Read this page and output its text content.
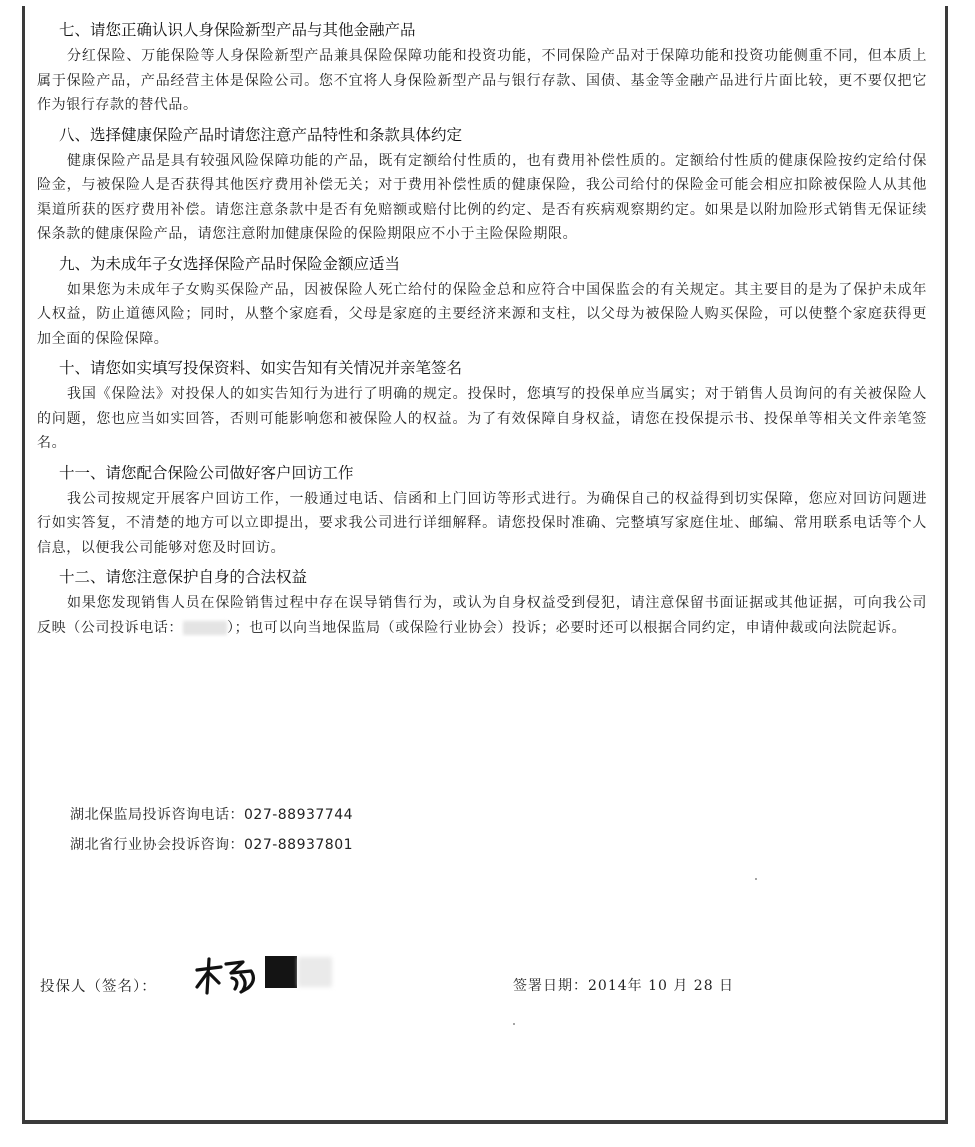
七、请您正确认识人身保险新型产品与其他金融产品

分红保险、万能保险等人身保险新型产品兼具保险保障功能和投资功能，不同保险产品对于保障功能和投资功能侧重不同，但本质上属于保险产品，产品经营主体是保险公司。您不宜将人身保险新型产品与银行存款、国债、基金等金融产品进行片面比较，更不要仅把它作为银行存款的替代品。

八、选择健康保险产品时请您注意产品特性和条款具体约定

健康保险产品是具有较强风险保障功能的产品，既有定额给付性质的，也有费用补偿性质的。定额给付性质的健康保险按约定给付保险金，与被保险人是否获得其他医疗费用补偿无关；对于费用补偿性质的健康保险，我公司给付的保险金可能会相应扣除被保险人从其他渠道所获的医疗费用补偿。请您注意条款中是否有免赔额或赔付比例的约定、是否有疾病观察期约定。如果是以附加险形式销售无保证续保条款的健康保险产品，请您注意附加健康保险的保险期限应不小于主险保险期限。

九、为未成年子女选择保险产品时保险金额应适当

如果您为未成年子女购买保险产品，因被保险人死亡给付的保险金总和应符合中国保监会的有关规定。其主要目的是为了保护未成年人权益，防止道德风险；同时，从整个家庭看，父母是家庭的主要经济来源和支柱，以父母为被保险人购买保险，可以使整个家庭获得更加全面的保险保障。

十、请您如实填写投保资料、如实告知有关情况并亲笔签名

我国《保险法》对投保人的如实告知行为进行了明确的规定。投保时，您填写的投保单应当属实；对于销售人员询问的有关被保险人的问题，您也应当如实回答，否则可能影响您和被保险人的权益。为了有效保障自身权益，请您在投保提示书、投保单等相关文件亲笔签名。

十一、请您配合保险公司做好客户回访工作

我公司按规定开展客户回访工作，一般通过电话、信函和上门回访等形式进行。为确保自己的权益得到切实保障，您应对回访问题进行如实答复，不清楚的地方可以立即提出，要求我公司进行详细解释。请您投保时准确、完整填写家庭住址、邮编、常用联系电话等个人信息，以便我公司能够对您及时回访。

十二、请您注意保护自身的合法权益

如果您发现销售人员在保险销售过程中存在误导销售行为，或认为自身权益受到侵犯，请注意保留书面证据或其他证据，可向我公司反映（公司投诉电话：	）；也可以向当地保监局（或保险行业协会）投诉；必要时还可以根据合同约定，申请仲裁或向法院起诉。

湖北保监局投诉咨询电话：027-88937744
湖北省行业协会投诉咨询：027-88937801
投保人（签名）：	签署日期：2014年 10 月 28 日
